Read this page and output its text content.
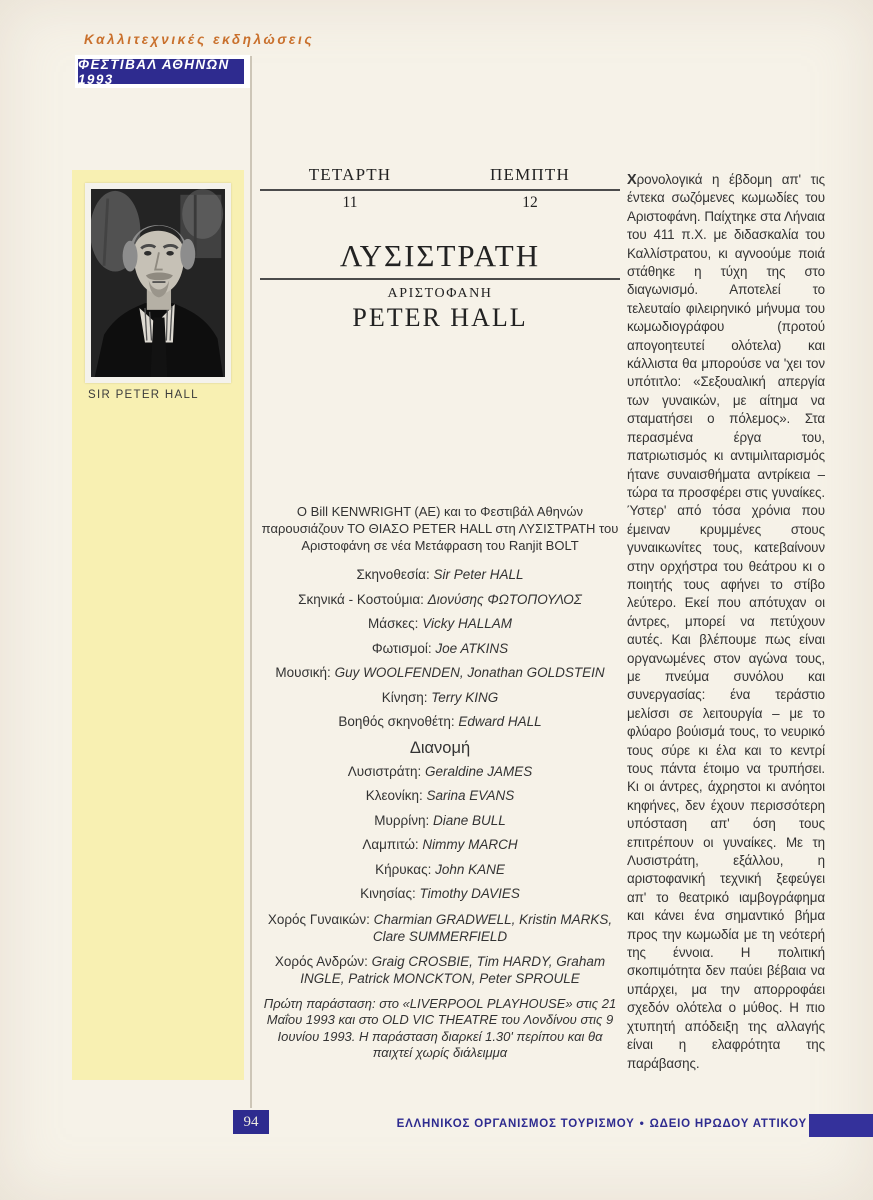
Καλλιτεχνικές εκδηλώσεις
ΦΕΣΤΙΒΑΛ ΑΘΗΝΩΝ 1993
SIR PETER HALL
ΤΕΤΑΡΤΗ	ΠΕΜΠΤΗ
11	12
ΛΥΣΙΣΤΡΑΤΗ
ΑΡΙΣΤΟΦΑΝΗ
PETER HALL

Ο Bill KENWRIGHT (ΑΕ) και το Φεστιβάλ Αθηνών παρουσιάζουν ΤΟ ΘΙΑΣΟ PETER HALL στη ΛΥΣΙΣΤΡΑΤΗ του Αριστοφάνη σε νέα Μετάφραση του Ranjit BOLT

Σκηνοθεσία: Sir Peter HALL
Σκηνικά - Κοστούμια: Διονύσης ΦΩΤΟΠΟΥΛΟΣ
Μάσκες: Vicky HALLAM
Φωτισμοί: Joe ATKINS
Μουσική: Guy WOOLFENDEN, Jonathan GOLDSTEIN
Κίνηση: Terry KING
Βοηθός σκηνοθέτη: Edward HALL
Διανομή
Λυσιστράτη: Geraldine JAMES
Κλεονίκη: Sarina EVANS
Μυρρίνη: Diane BULL
Λαμπιτώ: Nimmy MARCH
Κήρυκας: John KANE
Κινησίας: Timothy DAVIES
Χορός Γυναικών: Charmian GRADWELL, Kristin MARKS, Clare SUMMERFIELD
Χορός Ανδρών: Graig CROSBIE, Tim HARDY, Graham INGLE, Patrick MONCKTON, Peter SPROULE

Πρώτη παράσταση: στο «LIVERPOOL PLAYHOUSE» στις 21 Μαΐου 1993 και στο OLD VIC THEATRE του Λονδίνου στις 9 Ιουνίου 1993. Η παράσταση διαρκεί 1.30' περίπου και θα παιχτεί χωρίς διάλειμμα

Χρονολογικά η έβδομη απ' τις έντεκα σωζόμενες κωμωδίες του Αριστοφάνη. Παίχτηκε στα Λήναια του 411 π.Χ. με διδασκαλία του Καλλίστρατου, κι αγνοούμε ποιά στάθηκε η τύχη της στο διαγωνισμό. Αποτελεί το τελευταίο φιλειρηνικό μήνυμα του κωμωδιογράφου (προτού απογοητευτεί ολότελα) και κάλλιστα θα μπορούσε να 'χει τον υπότιτλο: «Σεξουαλική απεργία των γυναικών, με αίτημα να σταματήσει ο πόλεμος». Στα περασμένα έργα του, πατριωτισμός κι αντιμιλιταρισμός ήτανε συναισθήματα αντρίκεια – τώρα τα προσφέρει στις γυναίκες. Ύστερ' από τόσα χρόνια που έμειναν κρυμμένες στους γυναικωνίτες τους, κατεβαίνουν στην ορχήστρα του θεάτρου κι ο ποιητής τους αφήνει το στίβο λεύτερο. Εκεί που απότυχαν οι άντρες, μπορεί να πετύχουν αυτές. Και βλέπουμε πως είναι οργανωμένες στον αγώνα τους, με πνεύμα συνόλου και συνεργασίας: ένα τεράστιο μελίσσι σε λειτουργία – με το φλύαρο βούισμά τους, το νευρικό τους σύρε κι έλα και το κεντρί τους πάντα έτοιμο να τρυπήσει. Κι οι άντρες, άχρηστοι κι ανόητοι κηφήνες, δεν έχουν περισσότερη υπόσταση απ' όση τους επιτρέπουν οι γυναίκες. Με τη Λυσιστράτη, εξάλλου, η αριστοφανική τεχνική ξεφεύγει απ' το θεατρικό ιαμβογράφημα και κάνει ένα σημαντικό βήμα προς την κωμωδία με τη νεότερή της έννοια. Η πολιτική σκοπιμότητα δεν παύει βέβαια να υπάρχει, μα την απορροφάει σχεδόν ολότελα ο μύθος. Η πιο χτυπητή απόδειξη της αλλαγής είναι η ελαφρότητα της παράβασης.
94	ΕΛΛΗΝΙΚΟΣ ΟΡΓΑΝΙΣΜΟΣ ΤΟΥΡΙΣΜΟΥ • ΩΔΕΙΟ ΗΡΩΔΟΥ ΑΤΤΙΚΟΥ
